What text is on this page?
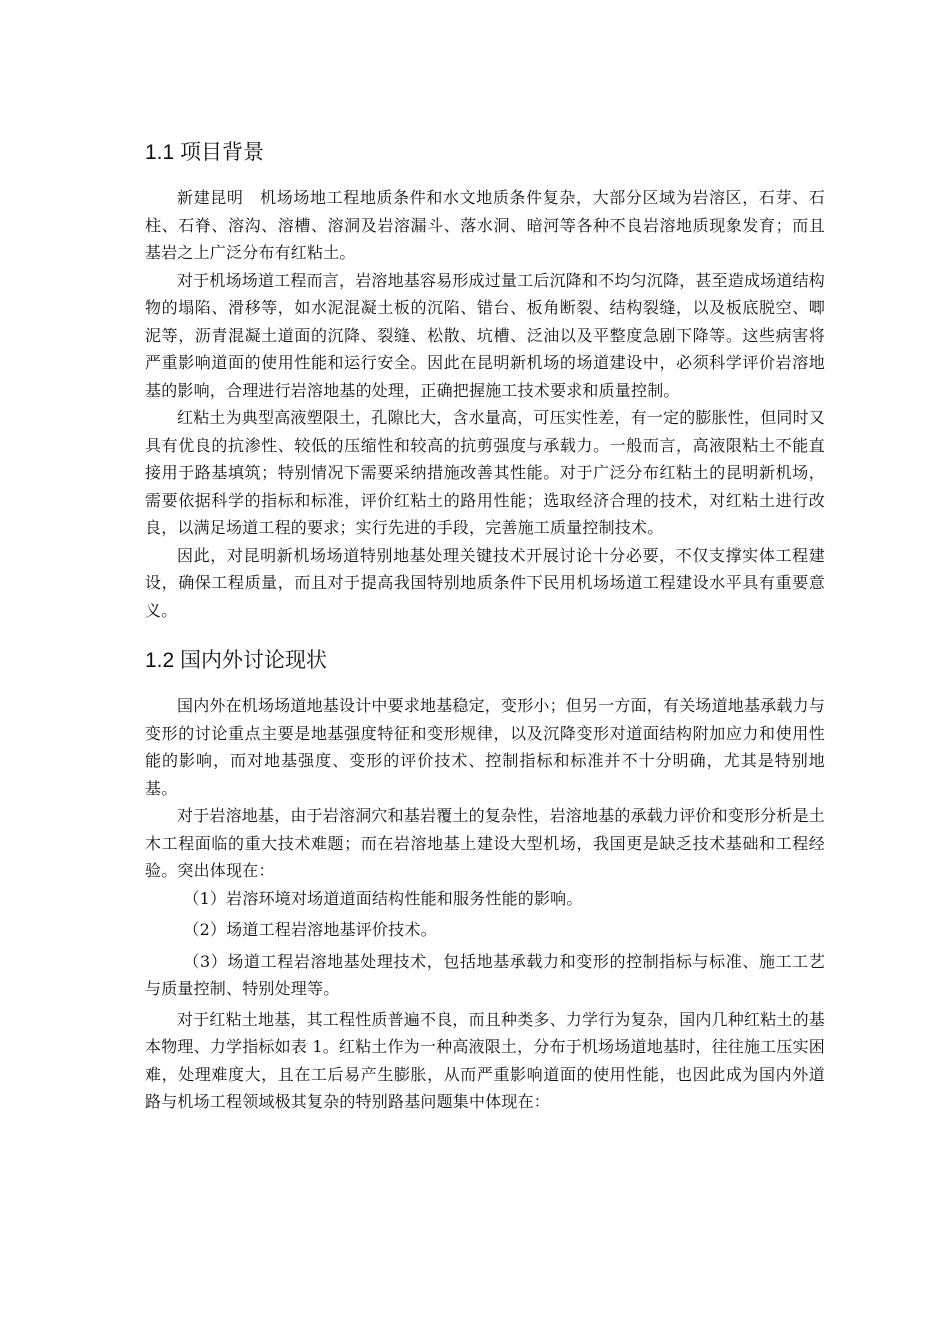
1.1 项目背景

新建昆明　机场场地工程地质条件和水文地质条件复杂，大部分区域为岩溶区，石芽、石柱、石脊、溶沟、溶槽、溶洞及岩溶漏斗、落水洞、暗河等各种不良岩溶地质现象发育；而且基岩之上广泛分布有红粘土。

对于机场场道工程而言，岩溶地基容易形成过量工后沉降和不均匀沉降，甚至造成场道结构物的塌陷、滑移等，如水泥混凝土板的沉陷、错台、板角断裂、结构裂缝，以及板底脱空、唧泥等，沥青混凝土道面的沉降、裂缝、松散、坑槽、泛油以及平整度急剧下降等。这些病害将严重影响道面的使用性能和运行安全。因此在昆明新机场的场道建设中，必须科学评价岩溶地基的影响，合理进行岩溶地基的处理，正确把握施工技术要求和质量控制。

红粘土为典型高液塑限土，孔隙比大，含水量高，可压实性差，有一定的膨胀性，但同时又具有优良的抗渗性、较低的压缩性和较高的抗剪强度与承载力。一般而言，高液限粘土不能直接用于路基填筑；特别情况下需要采纳措施改善其性能。对于广泛分布红粘土的昆明新机场，需要依据科学的指标和标准，评价红粘土的路用性能；选取经济合理的技术，对红粘土进行改良，以满足场道工程的要求；实行先进的手段，完善施工质量控制技术。

因此，对昆明新机场场道特别地基处理关键技术开展讨论十分必要，不仅支撑实体工程建设，确保工程质量，而且对于提高我国特别地质条件下民用机场场道工程建设水平具有重要意义。

1.2 国内外讨论现状

国内外在机场场道地基设计中要求地基稳定，变形小；但另一方面，有关场道地基承载力与变形的讨论重点主要是地基强度特征和变形规律，以及沉降变形对道面结构附加应力和使用性能的影响，而对地基强度、变形的评价技术、控制指标和标准并不十分明确，尤其是特别地基。

对于岩溶地基，由于岩溶洞穴和基岩覆土的复杂性，岩溶地基的承载力评价和变形分析是土木工程面临的重大技术难题；而在岩溶地基上建设大型机场，我国更是缺乏技术基础和工程经验。突出体现在：

（1）岩溶环境对场道道面结构性能和服务性能的影响。

（2）场道工程岩溶地基评价技术。

（3）场道工程岩溶地基处理技术，包括地基承载力和变形的控制指标与标准、施工工艺与质量控制、特别处理等。

对于红粘土地基，其工程性质普遍不良，而且种类多、力学行为复杂，国内几种红粘土的基本物理、力学指标如表 1。红粘土作为一种高液限土，分布于机场场道地基时，往往施工压实困难，处理难度大，且在工后易产生膨胀，从而严重影响道面的使用性能，也因此成为国内外道路与机场工程领域极其复杂的特别路基问题集中体现在：
